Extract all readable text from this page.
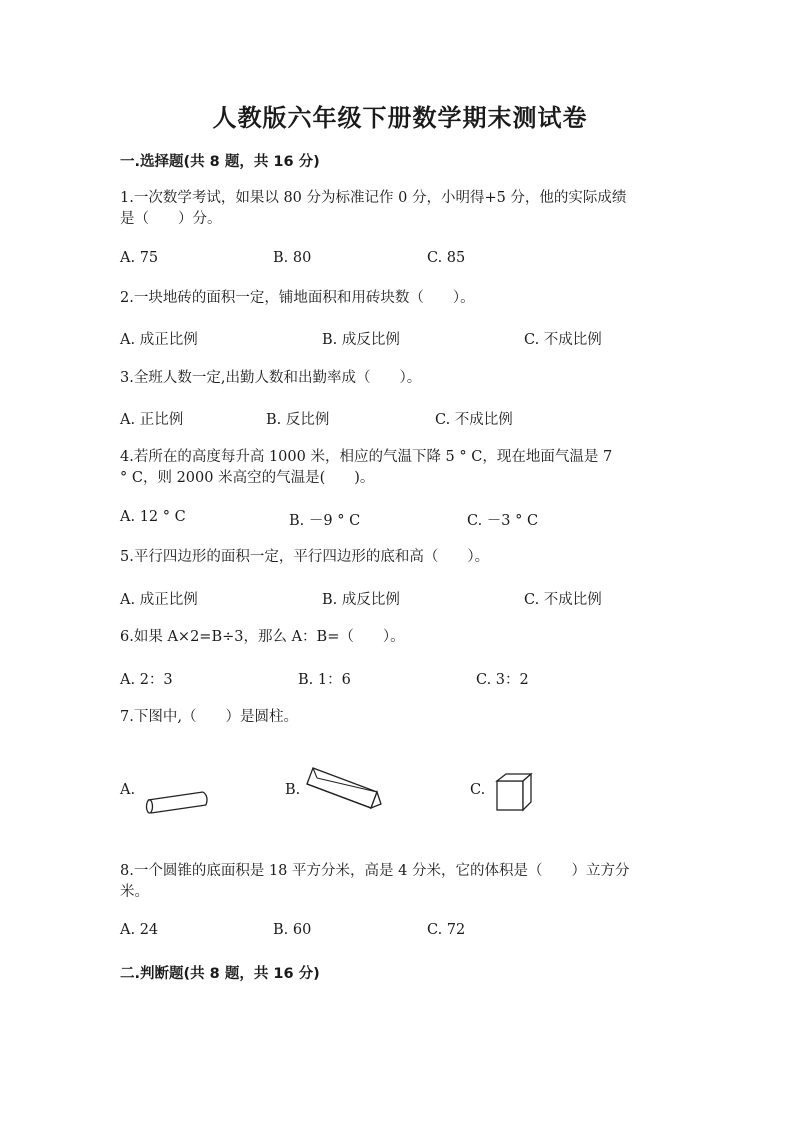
人教版六年级下册数学期末测试卷
一.选择题(共 8 题，共 16 分)
1.一次数学考试，如果以 80 分为标准记作 0 分，小明得+5 分，他的实际成绩
是（　　）分。
A. 75	B. 80	C. 85
2.一块地砖的面积一定，铺地面积和用砖块数（　　）。
A. 成正比例	B. 成反比例	C. 不成比例
3.全班人数一定,出勤人数和出勤率成（　　）。
A. 正比例	B. 反比例	C. 不成比例
4.若所在的高度每升高 1000 米，相应的气温下降 5 ° C，现在地面气温是 7
° C，则 2000 米高空的气温是(　　)。
A. 12 ° C	B. －9 ° C	C. －3 ° C
5.平行四边形的面积一定，平行四边形的底和高（　　）。
A. 成正比例	B. 成反比例	C. 不成比例
6.如果 A×2=B÷3，那么 A：B=（　　）。
A. 2：3	B. 1：6	C. 3：2
7.下图中,（　　）是圆柱。
A.	B.	C.
8.一个圆锥的底面积是 18 平方分米，高是 4 分米，它的体积是（　　）立方分
米。
A. 24	B. 60	C. 72
二.判断题(共 8 题，共 16 分)
